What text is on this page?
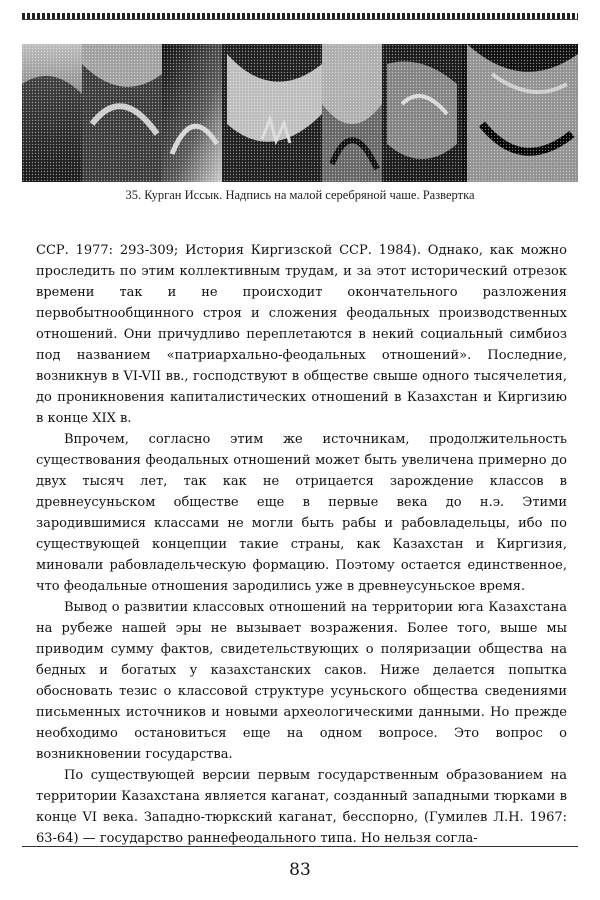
35. Курган Иссык. Надпись на малой серебряной чаше. Развертка

ССР. 1977: 293-309; История Киргизской ССР. 1984). Однако, как можно проследить по этим коллективным трудам, и за этот исторический отрезок времени так и не происходит окончательного разложения первобытнообщинного строя и сложения феодальных производственных отношений. Они причудливо переплетаются в некий социальный симбиоз под названием «патриархально-феодальных отношений». Последние, возникнув в VI-VII вв., господствуют в обществе свыше одного тысячелетия, до проникновения капиталистических отношений в Казахстан и Киргизию в конце XIX в.

Впрочем, согласно этим же источникам, продолжительность существования феодальных отношений может быть увеличена примерно до двух тысяч лет, так как не отрицается зарождение классов в древнеусуньском обществе еще в первые века до н.э. Этими зародившимися классами не могли быть рабы и рабовладельцы, ибо по существующей концепции такие страны, как Казахстан и Киргизия, миновали рабовладельческую формацию. Поэтому остается единственное, что феодальные отношения зародились уже в древнеусуньское время.

Вывод о развитии классовых отношений на территории юга Казахстана на рубеже нашей эры не вызывает возражения. Более того, выше мы приводим сумму фактов, свидетельствующих о поляризации общества на бедных и богатых у казахстанских саков. Ниже делается попытка обосновать тезис о классовой структуре усуньского общества сведениями письменных источников и новыми археологическими данными. Но прежде необходимо остановиться еще на одном вопросе. Это вопрос о возникновении государства.

По существующей версии первым государственным образованием на территории Казахстана является каганат, созданный западными тюрками в конце VI века. Западно-тюркский каганат, бесспорно, (Гумилев Л.Н. 1967: 63-64) — государство раннефеодального типа. Но нельзя согла-

83
